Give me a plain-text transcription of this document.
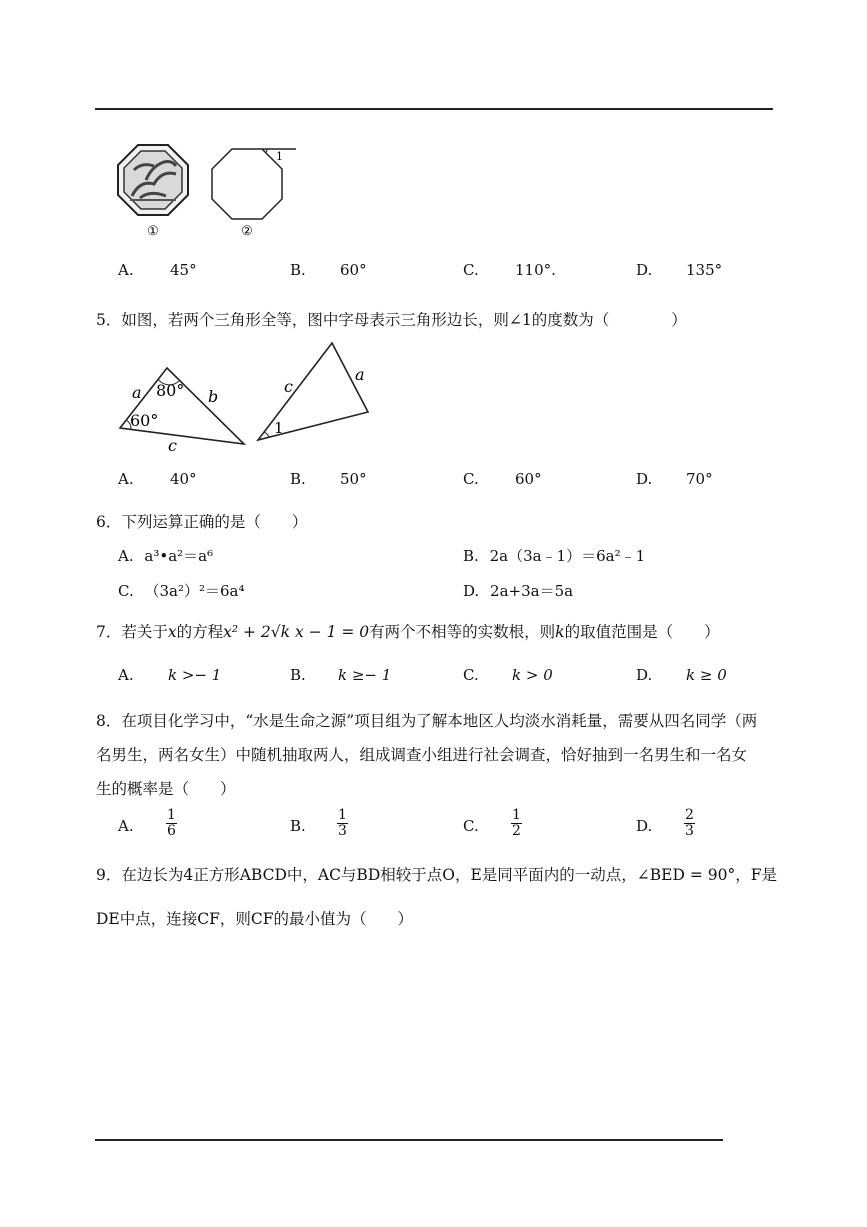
①
1
②
A. 45°	B. 60°	C. 110°.	D. 135°
5．如图，若两个三角形全等，图中字母表示三角形边长，则∠1的度数为（　　　　）
a	b
c
80°
60°
c
a
1
A. 40°	B. 50°	C. 60°	D. 70°
6．下列运算正确的是（　　）
A. a³•a²＝a⁶	B. 2a（3a﹣1）＝6a²﹣1
C. （3a²）²＝6a⁴	D. 2a+3a＝5a
7．若关于x的方程x² + 2√k x − 1 = 0有两个不相等的实数根，则k的取值范围是（　　）
A. k >− 1	B. k ≥− 1	C. k > 0	D. k ≥ 0
8．在项目化学习中，“水是生命之源”项目组为了解本地区人均淡水消耗量，需要从四名同学（两
名男生，两名女生）中随机抽取两人，组成调查小组进行社会调查，恰好抽到一名男生和一名女
生的概率是（　　）
A. $\frac{1}{6}$	B. $\frac{1}{3}$	C. $\frac{1}{2}$	D. $\frac{2}{3}$
9．在边长为4正方形ABCD中，AC与BD相较于点O，E是同平面内的一动点，∠BED = 90°，F是
DE中点，连接CF，则CF的最小值为（　　）
